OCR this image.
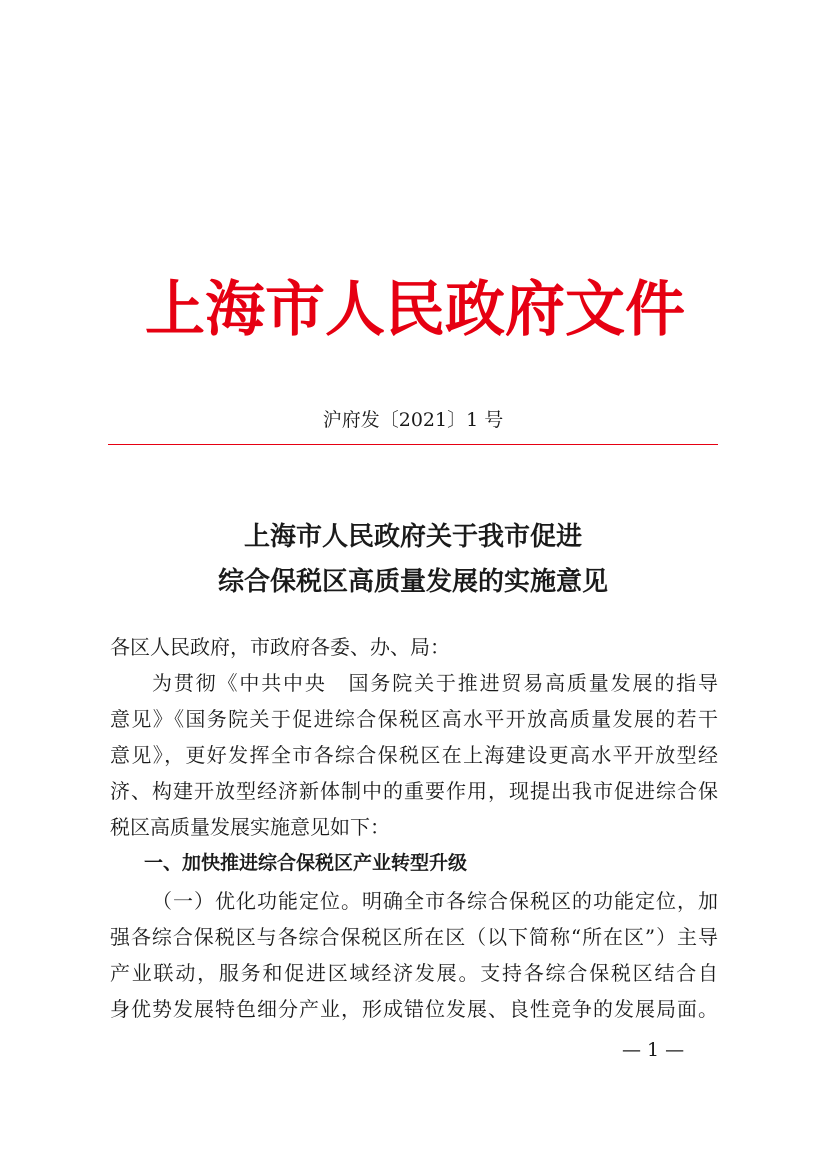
上海市人民政府文件
沪府发〔2021〕1 号
上海市人民政府关于我市促进
综合保税区高质量发展的实施意见
各区人民政府，市政府各委、办、局：
为贯彻《中共中央　国务院关于推进贸易高质量发展的指导
意见》《国务院关于促进综合保税区高水平开放高质量发展的若干
意见》，更好发挥全市各综合保税区在上海建设更高水平开放型经
济、构建开放型经济新体制中的重要作用，现提出我市促进综合保
税区高质量发展实施意见如下：
一、加快推进综合保税区产业转型升级
（一）优化功能定位。明确全市各综合保税区的功能定位，加
强各综合保税区与各综合保税区所在区（以下简称“所在区”）主导
产业联动，服务和促进区域经济发展。支持各综合保税区结合自
身优势发展特色细分产业，形成错位发展、良性竞争的发展局面。
— 1 —
